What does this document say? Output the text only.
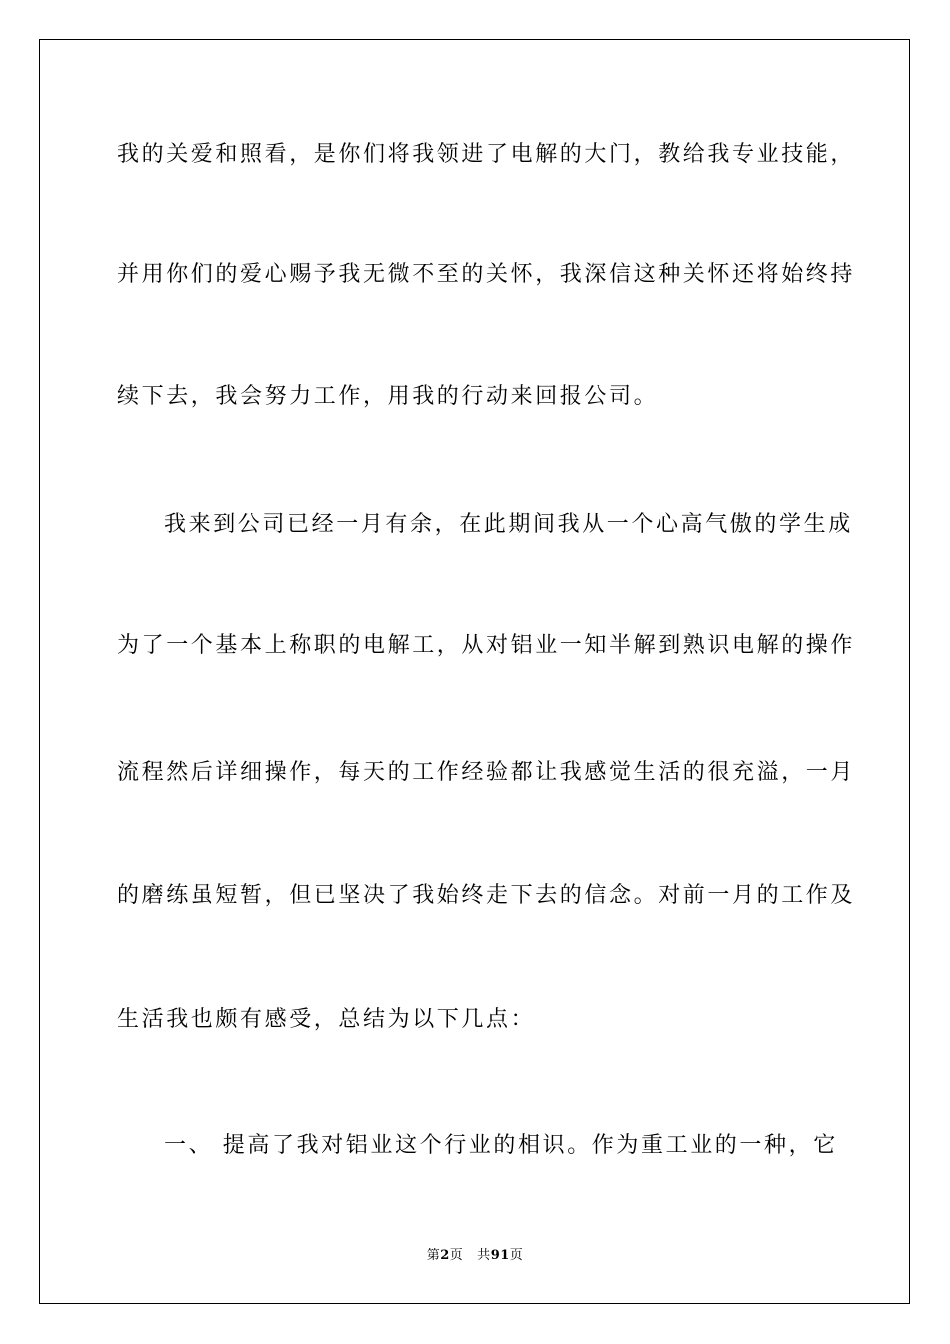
我的关爱和照看，是你们将我领进了电解的大门，教给我专业技能，
并用你们的爱心赐予我无微不至的关怀，我深信这种关怀还将始终持
续下去，我会努力工作，用我的行动来回报公司。
我来到公司已经一月有余，在此期间我从一个心高气傲的学生成
为了一个基本上称职的电解工，从对铝业一知半解到熟识电解的操作
流程然后详细操作，每天的工作经验都让我感觉生活的很充溢，一月
的磨练虽短暂，但已坚决了我始终走下去的信念。对前一月的工作及
生活我也颇有感受，总结为以下几点：
一、 提高了我对铝业这个行业的相识。作为重工业的一种，它
第2页 共91页
